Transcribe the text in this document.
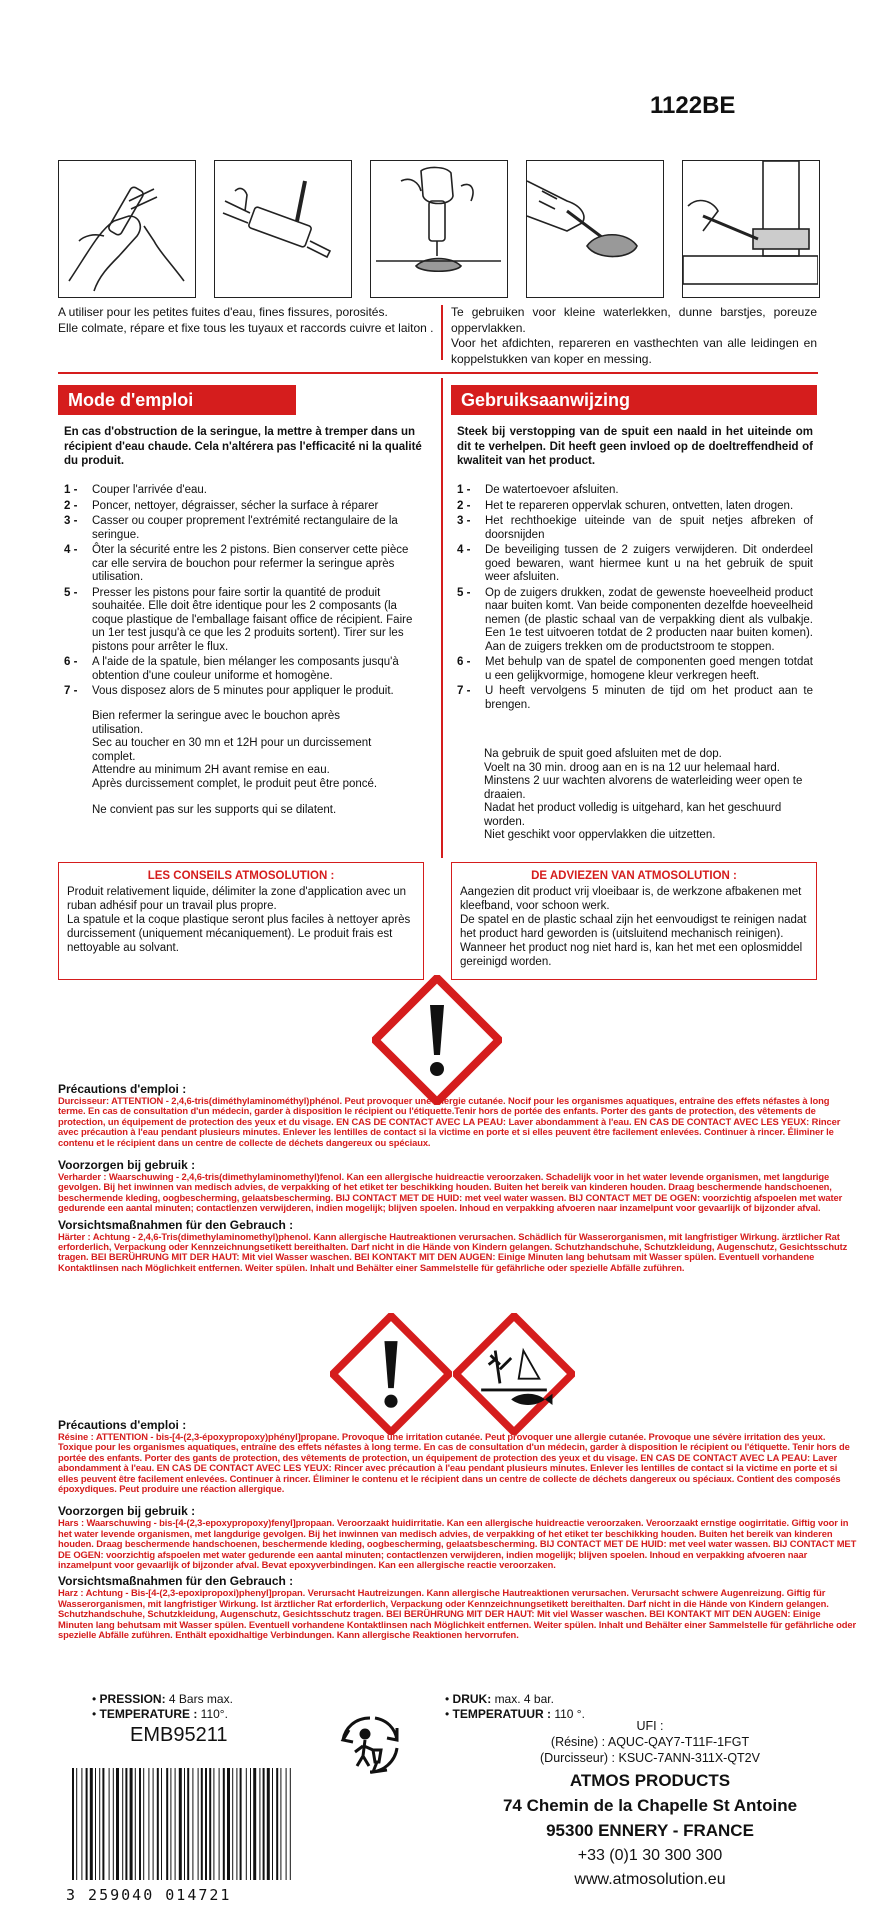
1122BE
A utiliser pour les petites fuites d'eau, fines fissures, porosités.
Elle colmate, répare et fixe tous les tuyaux et raccords cuivre et laiton .
Te gebruiken voor kleine waterlekken, dunne barstjes, poreuze oppervlakken.
Voor het afdichten, repareren en vasthechten van alle leidingen en koppelstukken van koper en messing.
Mode d'emploi
En cas d'obstruction de la seringue, la mettre à tremper dans un récipient d'eau chaude. Cela n'altérera pas l'efficacité ni la qualité du produit.
1 - Couper l'arrivée d'eau.
2 - Poncer, nettoyer, dégraisser, sécher la surface à réparer
3 - Casser ou couper proprement l'extrémité rectangulaire de la seringue.
4 - Ôter la sécurité entre les 2 pistons. Bien conserver cette pièce car elle servira de bouchon pour refermer la seringue après utilisation.
5 - Presser les pistons pour faire sortir la quantité de produit souhaitée. Elle doit être identique pour les 2 composants (la coque plastique de l'emballage faisant office de récipient. Faire un 1er test jusqu'à ce que les 2 produits sortent). Tirer sur les pistons pour arrêter le flux.
6 - A l'aide de la spatule, bien mélanger les composants jusqu'à obtention d'une couleur uniforme et homogène.
7 - Vous disposez alors de 5 minutes pour appliquer le produit.
Bien refermer la seringue avec le bouchon après utilisation.
Sec au toucher en 30 mn et 12H pour un durcissement complet.
Attendre au minimum 2H avant remise en eau.
Après durcissement complet, le produit peut être poncé.
Ne convient pas sur les supports qui se dilatent.
Gebruiksaanwijzing
Steek bij verstopping van de spuit een naald in het uiteinde om dit te verhelpen. Dit heeft geen invloed op de doeltreffendheid of kwaliteit van het product.
1 - De watertoevoer afsluiten.
2 - Het te repareren oppervlak schuren, ontvetten, laten drogen.
3 - Het rechthoekige uiteinde van de spuit netjes afbreken of doorsnijden
4 - De beveiliging tussen de 2 zuigers verwijderen. Dit onderdeel goed bewaren, want hiermee kunt u na het gebruik de spuit weer afsluiten.
5 - Op de zuigers drukken, zodat de gewenste hoeveelheid product naar buiten komt. Van beide componenten dezelfde hoeveelheid nemen (de plastic schaal van de verpakking dient als vulbakje. Een 1e test uitvoeren totdat de 2 producten naar buiten komen). Aan de zuigers trekken om de productstroom te stoppen.
6 - Met behulp van de spatel de componenten goed mengen totdat u een gelijkvormige, homogene kleur verkregen heeft.
7 - U heeft vervolgens 5 minuten de tijd om het product aan te brengen.
Na gebruik de spuit goed afsluiten met de dop.
Voelt na 30 min. droog aan en is na 12 uur helemaal hard.
Minstens 2 uur wachten alvorens de waterleiding weer open te draaien.
Nadat het product volledig is uitgehard, kan het geschuurd worden.
Niet geschikt voor oppervlakken die uitzetten.
LES CONSEILS ATMOSOLUTION :
Produit relativement liquide, délimiter la zone d'application avec un ruban adhésif pour un travail plus propre.
La spatule et la coque plastique seront plus faciles à nettoyer après durcissement (uniquement mécaniquement). Le produit frais est nettoyable au solvant.
DE ADVIEZEN VAN ATMOSOLUTION :
Aangezien dit product vrij vloeibaar is, de werkzone afbakenen met kleefband, voor schoon werk.
De spatel en de plastic schaal zijn het eenvoudigst te reinigen nadat het product hard geworden is (uitsluitend mechanisch reinigen). Wanneer het product nog niet hard is, kan het met een oplosmiddel gereinigd worden.
Précautions d'emploi :
Durcisseur: ATTENTION - 2,4,6-tris(diméthylaminométhyl)phénol. Peut provoquer une allergie cutanée. Nocif pour les organismes aquatiques, entraîne des effets néfastes à long terme. En cas de consultation d'un médecin, garder à disposition le récipient ou l'étiquette.Tenir hors de portée des enfants. Porter des gants de protection, des vêtements de protection, un équipement de protection des yeux et du visage. EN CAS DE CONTACT AVEC LA PEAU: Laver abondamment à l'eau. EN CAS DE CONTACT AVEC LES YEUX: Rincer avec précaution à l'eau pendant plusieurs minutes. Enlever les lentilles de contact si la victime en porte et si elles peuvent être facilement enlevées. Continuer à rincer. Éliminer le contenu et le récipient dans un centre de collecte de déchets dangereux ou spéciaux.
Voorzorgen bij gebruik :
Verharder : Waarschuwing - 2,4,6-tris(dimethylaminomethyl)fenol. Kan een allergische huidreactie veroorzaken. Schadelijk voor in het water levende organismen, met langdurige gevolgen. Bij het inwinnen van medisch advies, de verpakking of het etiket ter beschikking houden. Buiten het bereik van kinderen houden. Draag beschermende handschoenen, beschermende kleding, oogbescherming, gelaatsbescherming. BIJ CONTACT MET DE HUID: met veel water wassen. BIJ CONTACT MET DE OGEN: voorzichtig afspoelen met water gedurende een aantal minuten; contactlenzen verwijderen, indien mogelijk; blijven spoelen. Inhoud en verpakking afvoeren naar inzamelpunt voor gevaarlijk of bijzonder afval.
Vorsichtsmaßnahmen für den Gebrauch :
Härter : Achtung - 2,4,6-Tris(dimethylaminomethyl)phenol. Kann allergische Hautreaktionen verursachen. Schädlich für Wasserorganismen, mit langfristiger Wirkung. ärztlicher Rat erforderlich, Verpackung oder Kennzeichnungsetikett bereithalten. Darf nicht in die Hände von Kindern gelangen. Schutzhandschuhe, Schutzkleidung, Augenschutz, Gesichtsschutz tragen. BEI BERÜHRUNG MIT DER HAUT: Mit viel Wasser waschen. BEI KONTAKT MIT DEN AUGEN: Einige Minuten lang behutsam mit Wasser spülen. Eventuell vorhandene Kontaktlinsen nach Möglichkeit entfernen. Weiter spülen. Inhalt und Behälter einer Sammelstelle für gefährliche oder spezielle Abfälle zuführen.
Précautions d'emploi :
Résine : ATTENTION - bis-[4-(2,3-époxypropoxy)phényl]propane. Provoque une irritation cutanée. Peut provoquer une allergie cutanée. Provoque une sévère irritation des yeux. Toxique pour les organismes aquatiques, entraîne des effets néfastes à long terme. En cas de consultation d'un médecin, garder à disposition le récipient ou l'étiquette. Tenir hors de portée des enfants. Porter des gants de protection, des vêtements de protection, un équipement de protection des yeux et du visage. EN CAS DE CONTACT AVEC LA PEAU: Laver abondamment à l'eau. EN CAS DE CONTACT AVEC LES YEUX: Rincer avec précaution à l'eau pendant plusieurs minutes. Enlever les lentilles de contact si la victime en porte et si elles peuvent être facilement enlevées. Continuer à rincer. Éliminer le contenu et le récipient dans un centre de collecte de déchets dangereux ou spéciaux. Contient des composés époxydiques. Peut produire une réaction allergique.
Voorzorgen bij gebruik :
Hars : Waarschuwing - bis-[4-(2,3-epoxypropoxy)fenyl]propaan. Veroorzaakt huidirritatie. Kan een allergische huidreactie veroorzaken. Veroorzaakt ernstige oogirritatie. Giftig voor in het water levende organismen, met langdurige gevolgen. Bij het inwinnen van medisch advies, de verpakking of het etiket ter beschikking houden. Buiten het bereik van kinderen houden. Draag beschermende handschoenen, beschermende kleding, oogbescherming, gelaatsbescherming. BIJ CONTACT MET DE HUID: met veel water wassen. BIJ CONTACT MET DE OGEN: voorzichtig afspoelen met water gedurende een aantal minuten; contactlenzen verwijderen, indien mogelijk; blijven spoelen. Inhoud en verpakking afvoeren naar inzamelpunt voor gevaarlijk of bijzonder afval. Bevat epoxyverbindingen. Kan een allergische reactie veroorzaken.
Vorsichtsmaßnahmen für den Gebrauch :
Harz : Achtung - Bis-[4-(2,3-epoxipropoxi)phenyl]propan. Verursacht Hautreizungen. Kann allergische Hautreaktionen verursachen. Verursacht schwere Augenreizung. Giftig für Wasserorganismen, mit langfristiger Wirkung. Ist ärztlicher Rat erforderlich, Verpackung oder Kennzeichnungsetikett bereithalten. Darf nicht in die Hände von Kindern gelangen. Schutzhandschuhe, Schutzkleidung, Augenschutz, Gesichtsschutz tragen. BEI BERÜHRUNG MIT DER HAUT: Mit viel Wasser waschen. BEI KONTAKT MIT DEN AUGEN: Einige Minuten lang behutsam mit Wasser spülen. Eventuell vorhandene Kontaktlinsen nach Möglichkeit entfernen. Weiter spülen. Inhalt und Behälter einer Sammelstelle für gefährliche oder spezielle Abfälle zuführen. Enthält epoxidhaltige Verbindungen. Kann allergische Reaktionen hervorrufen.
• PRESSION: 4 Bars max.
• TEMPERATURE : 110°.
• DRUK: max. 4 bar.
• TEMPERATUUR : 110 °.
EMB95211
3 259040 014721
UFI :
(Résine) : AQUC-QAY7-T11F-1FGT
(Durcisseur) : KSUC-7ANN-311X-QT2V
ATMOS PRODUCTS
74 Chemin de la Chapelle St Antoine
95300 ENNERY - FRANCE
+33 (0)1 30 300 300
www.atmosolution.eu
